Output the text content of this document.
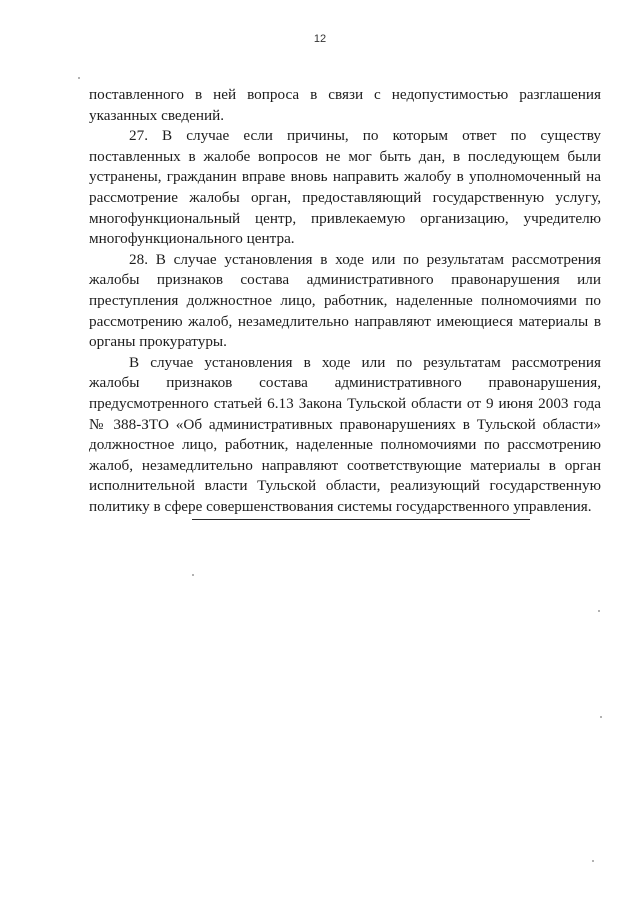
12

поставленного в ней вопроса в связи с недопустимостью разглашения
указанных сведений.

27. В случае если причины, по которым ответ по существу
поставленных в жалобе вопросов не мог быть дан, в последующем были
устранены, гражданин вправе вновь направить жалобу в уполномоченный на
рассмотрение жалобы орган, предоставляющий государственную услугу,
многофункциональный центр, привлекаемую организацию, учредителю
многофункционального центра.

28. В случае установления в ходе или по результатам рассмотрения
жалобы признаков состава административного правонарушения или
преступления должностное лицо, работник, наделенные полномочиями по
рассмотрению жалоб, незамедлительно направляют имеющиеся материалы в
органы прокуратуры.

В случае установления в ходе или по результатам рассмотрения
жалобы признаков состава административного правонарушения,
предусмотренного статьей 6.13 Закона Тульской области от 9 июня 2003 года
№ 388-ЗТО «Об административных правонарушениях в Тульской области»
должностное лицо, работник, наделенные полномочиями по рассмотрению
жалоб, незамедлительно направляют соответствующие материалы в орган
исполнительной власти Тульской области, реализующий государственную
политику в сфере совершенствования системы государственного управления.
